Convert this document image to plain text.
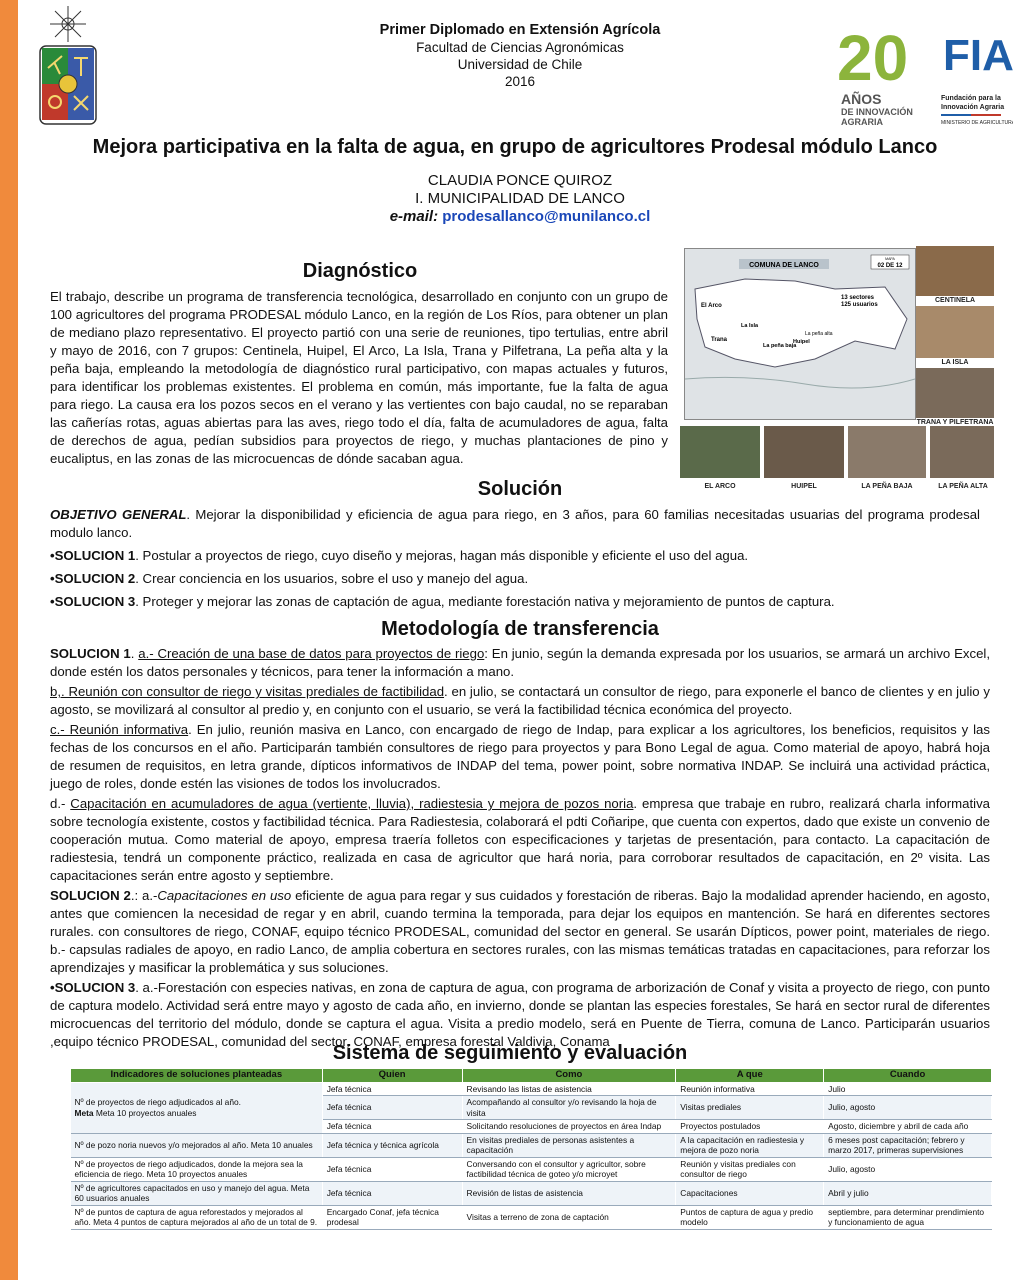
Primer Diplomado en Extensión Agrícola
Facultad de Ciencias Agronómicas
Universidad de Chile
2016	20
AÑOS
DE INNOVACIÓN
AGRARIA
FIA
Fundación para la
Innovación Agraria
MINISTERIO DE AGRICULTURA
Mejora participativa en la falta de agua, en grupo de agricultores Prodesal módulo Lanco
CLAUDIA PONCE QUIROZ
I. MUNICIPALIDAD DE LANCO
e-mail: prodesallanco@munilanco.cl
Diagnóstico

El trabajo, describe un programa de transferencia tecnológica, desarrollado en conjunto con un grupo de 100 agricultores del programa PRODESAL módulo Lanco, en la región de Los Ríos, para obtener un plan de mediano plazo representativo. El proyecto partió con una serie de reuniones, tipo tertulias, entre abril y mayo de 2016, con 7 grupos: Centinela, Huipel, El Arco, La Isla, Trana y Pilfetrana, La peña alta y la peña baja, empleando la metodología de diagnóstico rural participativo, con mapas actuales y futuros, para identificar los problemas existentes. El problema en común, más importante, fue la falta de agua para riego. La causa era los pozos secos en el verano y las vertientes con bajo caudal, no se reparaban las cañerías rotas, aguas abiertas para las aves, riego todo el día, falta de acumuladores de agua, falta de derechos de agua, pedían subsidios para proyectos de riego, y muchas plantaciones de pino y eucaliptus, en las zonas de las microcuencas de dónde sacaban agua.

COMUNA DE LANCO
MAPA
02 DE 12
13 sectores
125 usuarios
El Arco
Trana
La Isla
La peña baja
Huipel
La peña alta
CENTINELA
LA ISLA
TRANA Y PILFETRANA
EL ARCO	HUIPEL	LA PEÑA BAJA	LA PEÑA ALTA
Solución

OBJETIVO GENERAL. Mejorar la disponibilidad y eficiencia de agua para riego, en 3 años, para 60 familias necesitadas usuarias del programa prodesal modulo lanco.

•SOLUCION 1. Postular a proyectos de riego, cuyo diseño y mejoras, hagan más disponible y eficiente el uso del agua.

•SOLUCION 2. Crear conciencia en los usuarios, sobre el uso y manejo del agua.

•SOLUCION 3. Proteger y mejorar las zonas de captación de agua, mediante forestación nativa y mejoramiento de puntos de captura.

Metodología de transferencia

SOLUCION 1. a.- Creación de una base de datos para proyectos de riego: En junio, según la demanda expresada por los usuarios, se armará un archivo Excel, donde estén los datos personales y técnicos, para tener la información a mano.

b,. Reunión con consultor de riego y visitas prediales de factibilidad. en julio, se contactará un consultor de riego, para exponerle el banco de clientes y en julio y agosto, se movilizará al consultor al predio y, en conjunto con el usuario, se verá la factibilidad técnica económica del proyecto.

c.- Reunión informativa. En julio, reunión masiva en Lanco, con encargado de riego de Indap, para explicar a los agricultores, los beneficios, requisitos y las fechas de los concursos en el año. Participarán también consultores de riego para proyectos y para Bono Legal de agua. Como material de apoyo, habrá hoja de resumen de requisitos, en letra grande, dípticos informativos de INDAP del tema, power point, sobre normativa INDAP. Se incluirá una actividad práctica, juego de roles, donde estén las visiones de todos los involucrados.

d.- Capacitación en acumuladores de agua (vertiente, lluvia), radiestesia y mejora de pozos noria. empresa que trabaje en rubro, realizará charla informativa sobre tecnología existente, costos y factibilidad técnica. Para Radiestesia, colaborará el pdti Coñaripe, que cuenta con expertos, dado que existe un convenio de cooperación mutua. Como material de apoyo, empresa traería folletos con especificaciones y tarjetas de presentación, para contacto. La capacitación de radiestesia, tendrá un componente práctico, realizada en casa de agricultor que hará noria, para corroborar resultados de capacitación, en 2º visita. Las capacitaciones serán entre agosto y septiembre.

SOLUCION 2.: a.-Capacitaciones en uso eficiente de agua para regar y sus cuidados y forestación de riberas. Bajo la modalidad aprender haciendo, en agosto, antes que comiencen la necesidad de regar y en abril, cuando termina la temporada, para dejar los equipos en mantención. Se hará en diferentes sectores rurales. con consultores de riego, CONAF, equipo técnico PRODESAL, comunidad del sector en general. Se usarán Dípticos, power point, materiales de riego. b.- capsulas radiales de apoyo, en radio Lanco, de amplia cobertura en sectores rurales, con las mismas temáticas tratadas en capacitaciones, para reforzar los aprendizajes y masificar la problemática y sus soluciones.

•SOLUCION 3. a.-Forestación con especies nativas, en zona de captura de agua, con programa de arborización de Conaf y visita a proyecto de riego, con punto de captura modelo. Actividad será entre mayo y agosto de cada año, en invierno, donde se plantan las especies forestales, Se hará en sector rural de diferentes microcuencas del territorio del módulo, donde se captura el agua. Visita a predio modelo, será en Puente de Tierra, comuna de Lanco. Participarán usuarios ,equipo técnico PRODESAL, comunidad del sector, CONAF, empresa forestal Valdivia, Conama

Sistema de seguimiento y evaluación
Indicadores de soluciones planteadas	Quien	Como	A que	Cuando
Nº de proyectos de riego adjudicados al año.
Meta Meta 10 proyectos anuales	Jefa técnica	Revisando las listas de asistencia	Reunión informativa	Julio
	Jefa técnica	Acompañando al consultor y/o revisando la hoja de visita	Visitas prediales	Julio, agosto
	Jefa técnica	Solicitando resoluciones de proyectos en área Indap	Proyectos postulados	Agosto, diciembre y abril de cada año
Nº de pozo noria nuevos y/o mejorados al año. Meta 10 anuales	Jefa técnica y técnica agrícola	En visitas prediales de personas asistentes a capacitación	A la capacitación en radiestesia y mejora de pozo noria	6 meses post capacitación; febrero y marzo 2017, primeras supervisiones
Nº de proyectos de riego adjudicados, donde la mejora sea la eficiencia de riego. Meta 10 proyectos anuales	Jefa técnica	Conversando con el consultor y agricultor, sobre factibilidad técnica de goteo y/o microyet	Reunión y visitas prediales con consultor de riego	Julio, agosto
Nº de agricultores capacitados en uso y manejo del agua. Meta 60 usuarios anuales	Jefa técnica	Revisión de listas de asistencia	Capacitaciones	Abril y julio
Nº de puntos de captura de agua reforestados y mejorados al año. Meta 4 puntos de captura mejorados al año de un total de 9.	Encargado Conaf, jefa técnica prodesal	Visitas a terreno de zona de captación	Puntos de captura de agua y predio modelo	septiembre, para determinar prendimiento y funcionamiento de agua
